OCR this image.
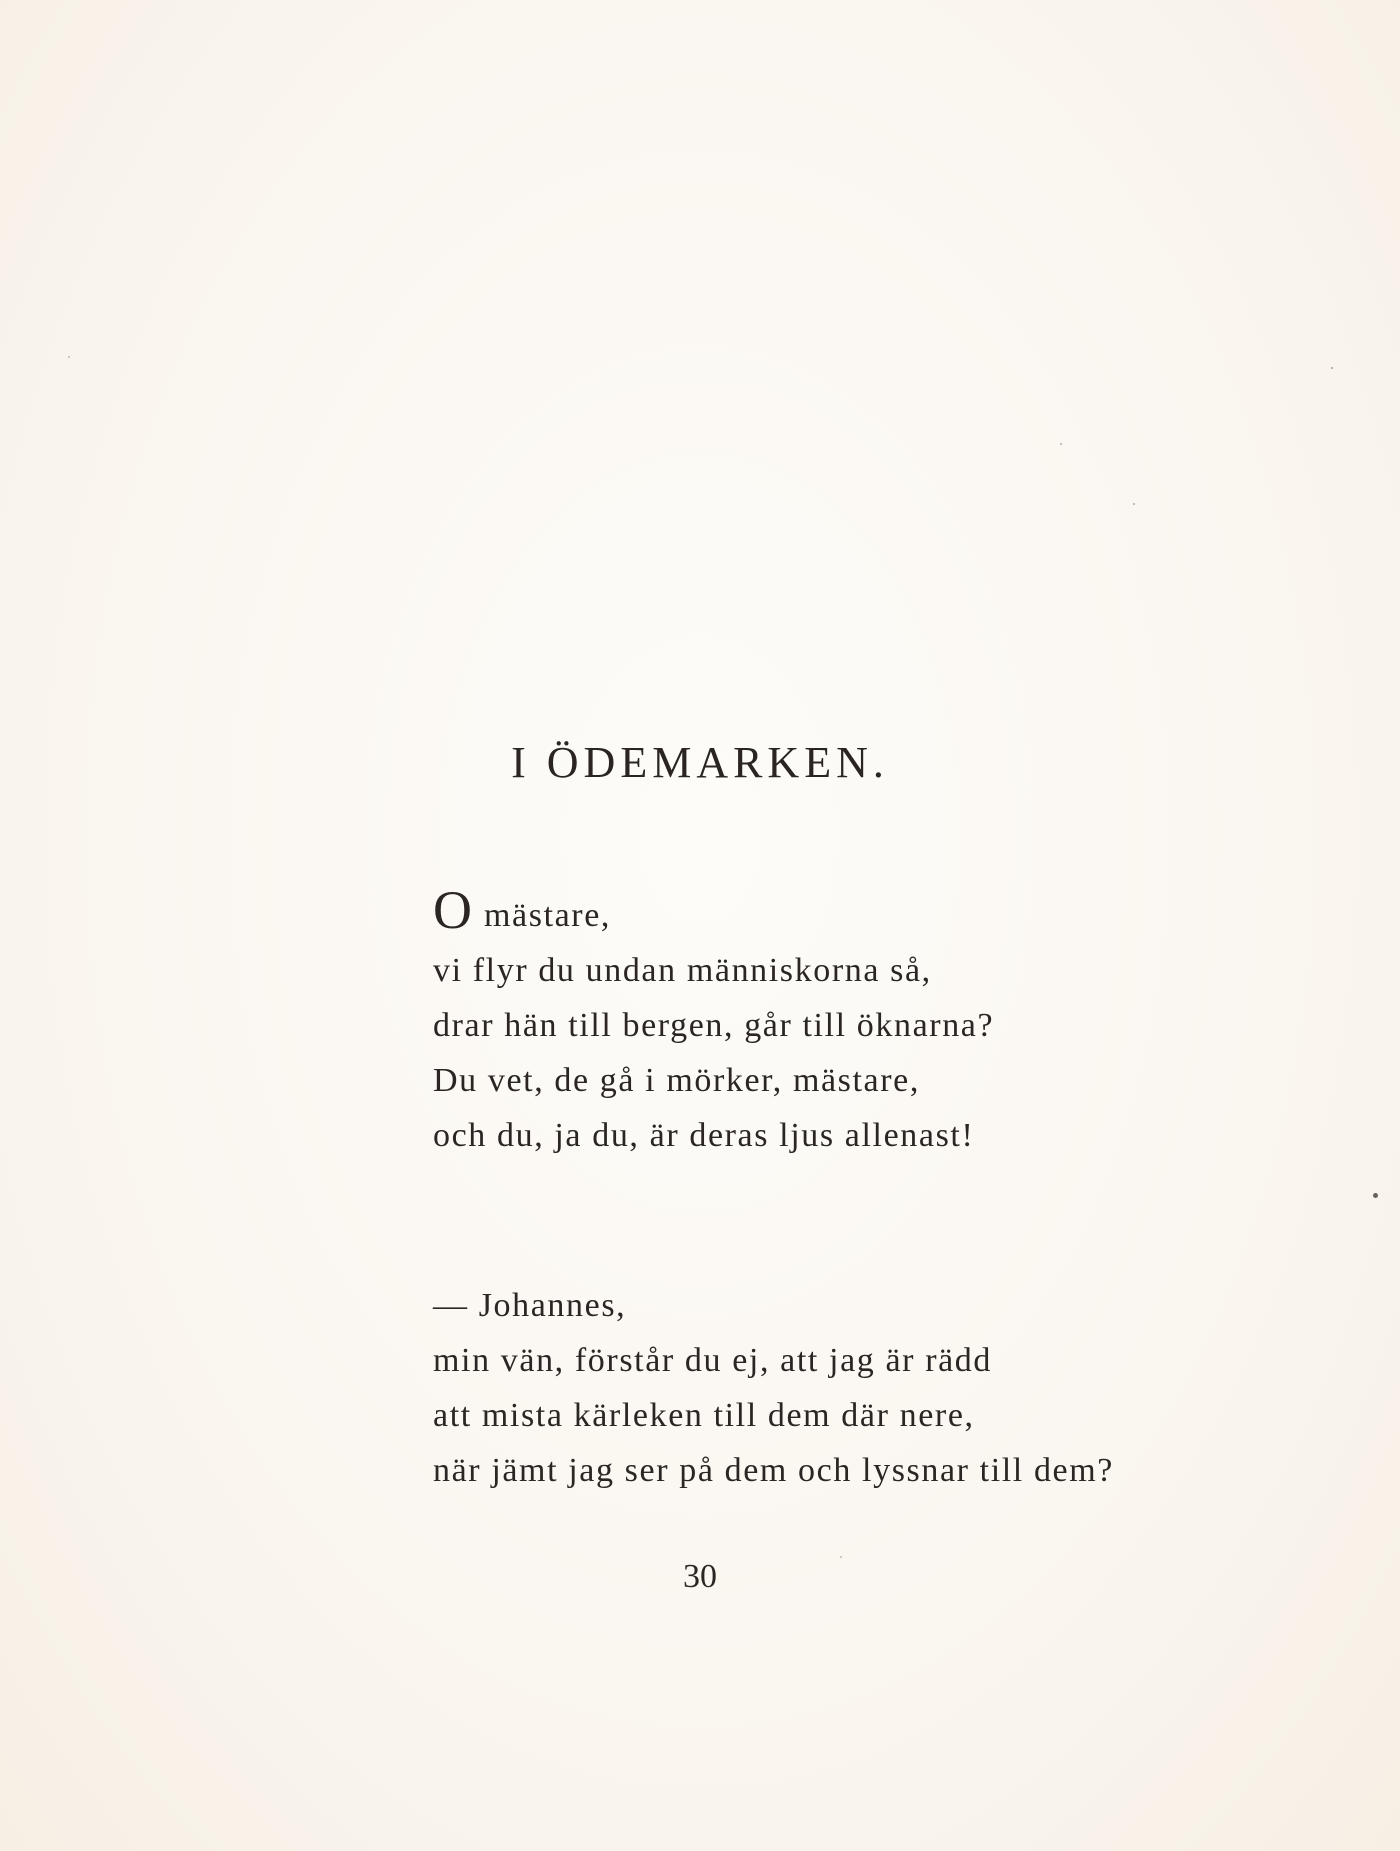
I ÖDEMARKEN.
Omästare,
vi flyr du undan människorna så,
drar hän till bergen, går till öknarna?
Du vet, de gå i mörker, mästare,
och du, ja du, är deras ljus allenast!
— Johannes,
min vän, förstår du ej, att jag är rädd
att mista kärleken till dem där nere,
när jämt jag ser på dem och lyssnar till dem?

30
